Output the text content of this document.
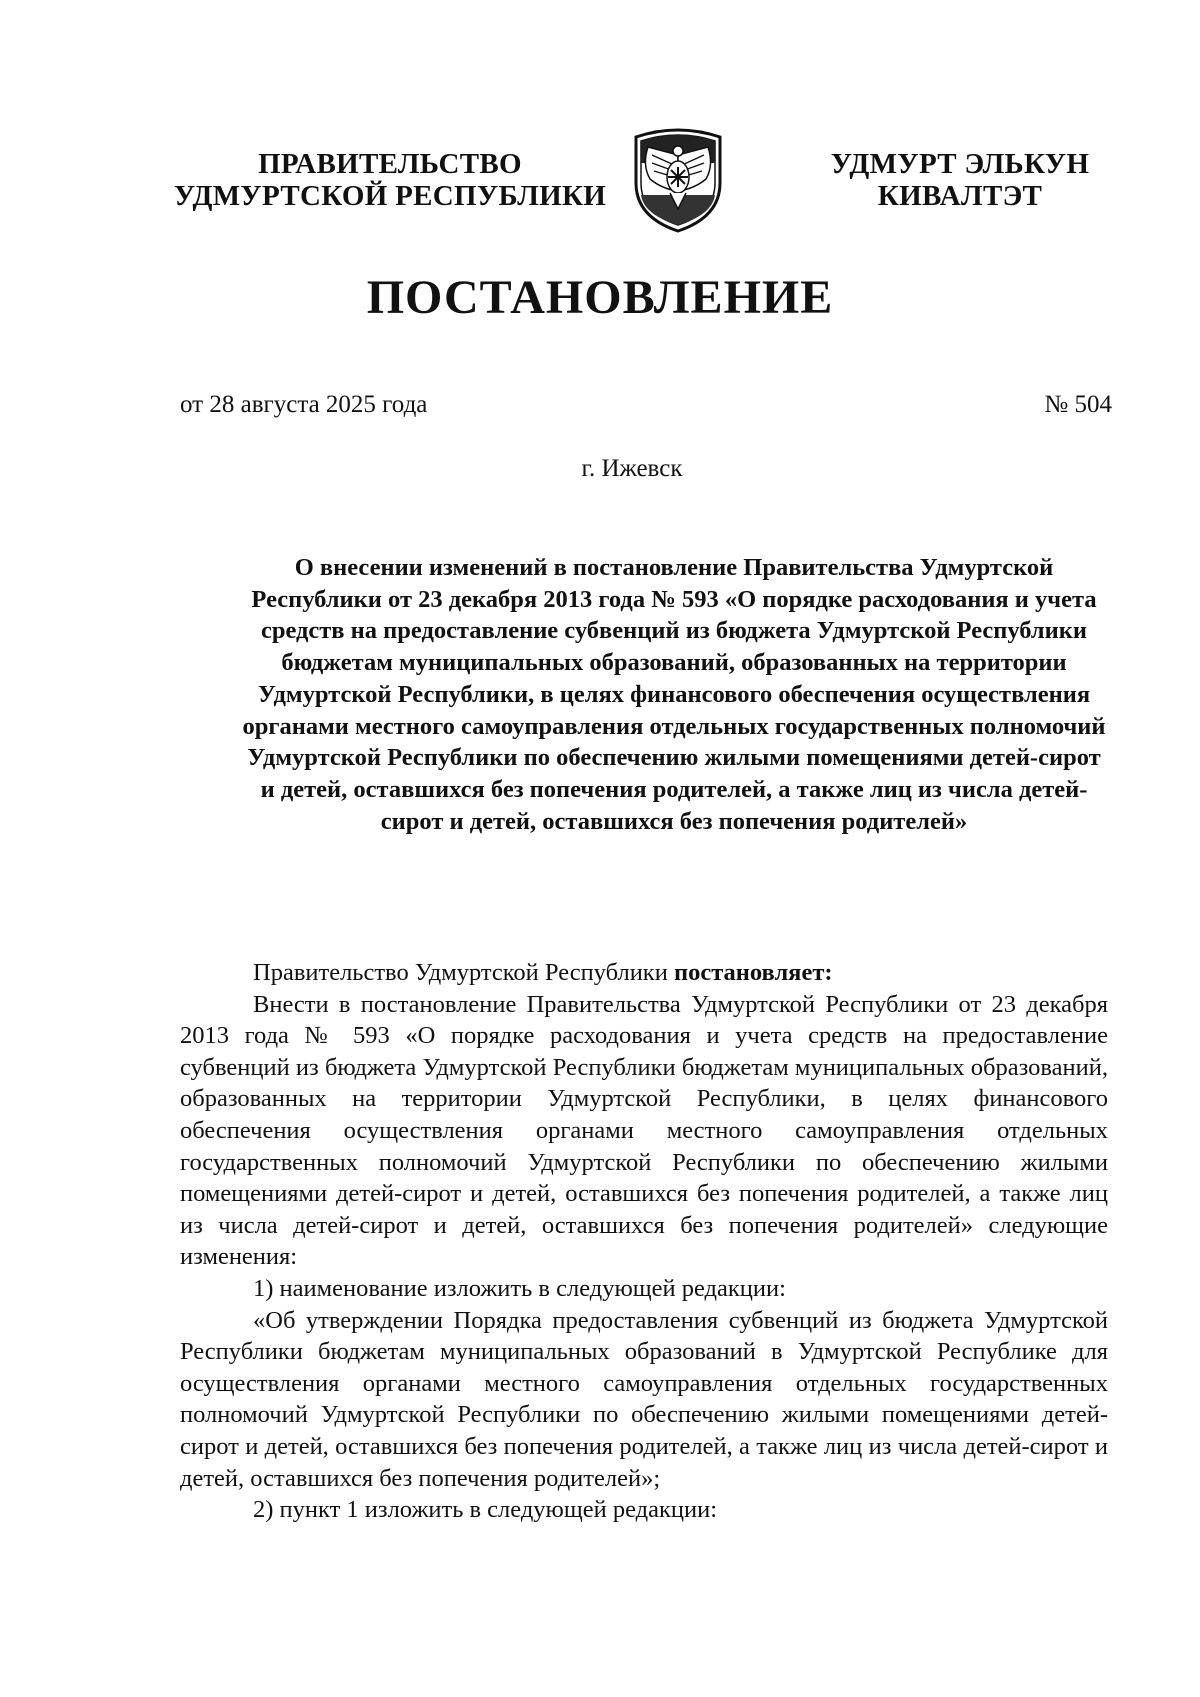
ПРАВИТЕЛЬСТВО
УДМУРТСКОЙ РЕСПУБЛИКИ
УДМУРТ ЭЛЬКУН
КИВАЛТЭТ
ПОСТАНОВЛЕНИЕ
от 28 августа 2025 года	№ 504
г. Ижевск
О внесении изменений в постановление Правительства Удмуртской Республики от 23 декабря 2013 года № 593 «О порядке расходования и учета средств на предоставление субвенций из бюджета Удмуртской Республики бюджетам муниципальных образований, образованных на территории Удмуртской Республики, в целях финансового обеспечения осуществления органами местного самоуправления отдельных государственных полномочий Удмуртской Республики по обеспечению жилыми помещениями детей-сирот и детей, оставшихся без попечения родителей, а также лиц из числа детей-сирот и детей, оставшихся без попечения родителей»

Правительство Удмуртской Республики постановляет:

Внести в постановление Правительства Удмуртской Республики от 23 декабря 2013 года № 593 «О порядке расходования и учета средств на предоставление субвенций из бюджета Удмуртской Республики бюджетам муниципальных образований, образованных на территории Удмуртской Республики, в целях финансового обеспечения осуществления органами местного самоуправления отдельных государственных полномочий Удмуртской Республики по обеспечению жилыми помещениями детей-сирот и детей, оставшихся без попечения родителей, а также лиц из числа детей-сирот и детей, оставшихся без попечения родителей» следующие изменения:

1) наименование изложить в следующей редакции:

«Об утверждении Порядка предоставления субвенций из бюджета Удмуртской Республики бюджетам муниципальных образований в Удмуртской Республике для осуществления органами местного самоуправления отдельных государственных полномочий Удмуртской Республики по обеспечению жилыми помещениями детей-сирот и детей, оставшихся без попечения родителей, а также лиц из числа детей-сирот и детей, оставшихся без попечения родителей»;

2) пункт 1 изложить в следующей редакции:
